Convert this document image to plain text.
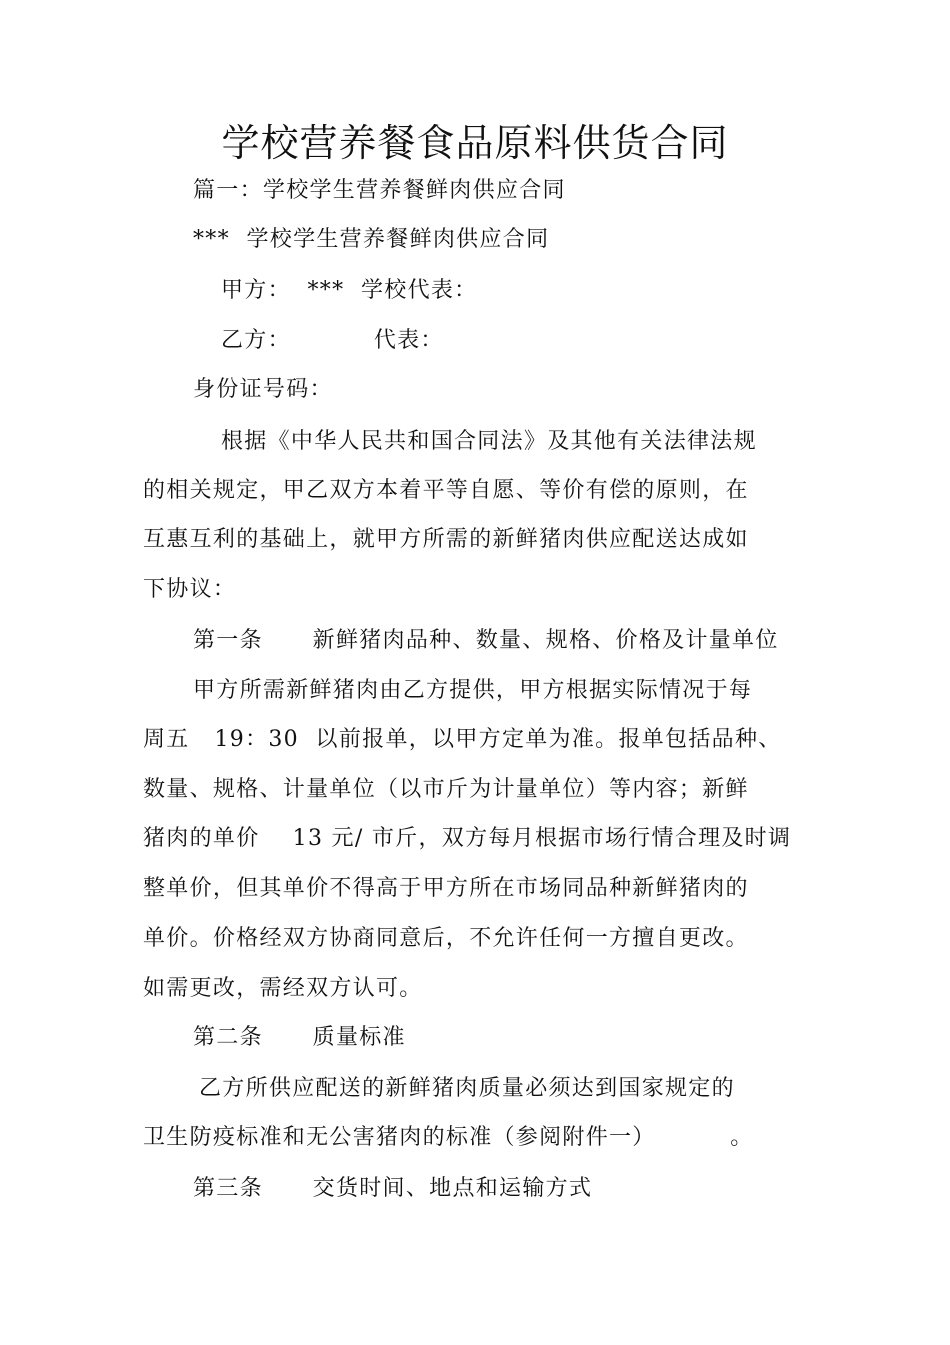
学校营养餐食品原料供货合同
篇一：学校学生营养餐鲜肉供应合同
***  学校学生营养餐鲜肉供应合同
甲方：  ***  学校代表：
乙方：          代表：
身份证号码：
根据《中华人民共和国合同法》及其他有关法律法规
的相关规定，甲乙双方本着平等自愿、等价有偿的原则，在
互惠互利的基础上，就甲方所需的新鲜猪肉供应配送达成如
下协议：
第一条      新鲜猪肉品种、数量、规格、价格及计量单位
甲方所需新鲜猪肉由乙方提供，甲方根据实际情况于每
周五   19：30  以前报单，以甲方定单为准。报单包括品种、
数量、规格、计量单位（以市斤为计量单位）等内容；新鲜
猪肉的单价    13 元/ 市斤，双方每月根据市场行情合理及时调
整单价，但其单价不得高于甲方所在市场同品种新鲜猪肉的
单价。价格经双方协商同意后，不允许任何一方擅自更改。
如需更改，需经双方认可。
第二条      质量标准
乙方所供应配送的新鲜猪肉质量必须达到国家规定的
卫生防疫标准和无公害猪肉的标准（参阅附件一）         。
第三条      交货时间、地点和运输方式
